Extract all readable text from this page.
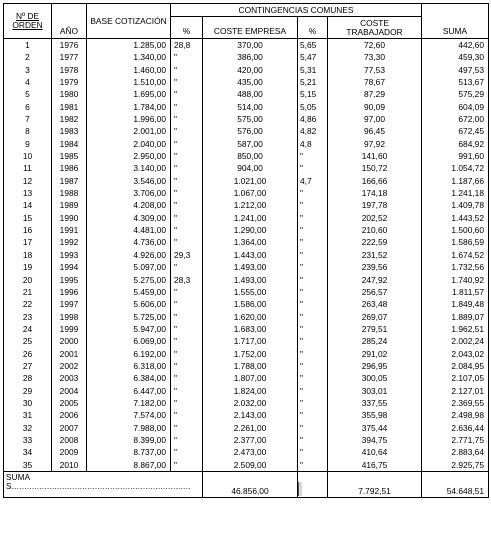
Nº DE ORDEN	AÑO	BASE COTIZACIÓN	CONTINGENCIAS COMUNES				SUMA
			%	COSTE EMPRESA	%	COSTE TRABAJADOR	
1	1976	1.285,00	28,8	370,00	5,65	72,60	442,60
2	1977	1.340,00	"	386,00	5,47	73,30	459,30
3	1978	1.460,00	"	420,00	5,31	77,53	497,53
4	1979	1.510,00	"	435,00	5,21	78,67	513,67
5	1980	1.695,00	"	488,00	5,15	87,29	575,29
6	1981	1.784,00	"	514,00	5,05	90,09	604,09
7	1982	1.996,00	"	575,00	4,86	97,00	672,00
8	1983	2.001,00	"	576,00	4,82	96,45	672,45
9	1984	2.040,00	"	587,00	4,8	97,92	684,92
10	1985	2.950,00	"	850,00	"	141,60	991,60
11	1986	3.140,00	"	904,00	"	150,72	1.054,72
12	1987	3.546,00	"	1.021,00	4,7	166,66	1.187,66
13	1988	3.706,00	"	1.067,00	"	174,18	1.241,18
14	1989	4.208,00	"	1.212,00	"	197,78	1.409,78
15	1990	4.309,00	"	1.241,00	"	202,52	1.443,52
16	1991	4.481,00	"	1.290,00	"	210,60	1.500,60
17	1992	4.736,00	"	1.364,00	"	222,59	1.586,59
18	1993	4.926,00	29,3	1.443,00	"	231,52	1.674,52
19	1994	5.097,00	"	1.493,00	"	239,56	1.732,56
20	1995	5.275,00	28,3	1.493,00	"	247,92	1.740,92
21	1996	5.459,00	"	1.555,00	"	256,57	1.811,57
22	1997	5.606,00	"	1.586,00	"	263,48	1.849,48
23	1998	5.725,00	"	1.620,00	"	269,07	1.889,07
24	1999	5.947,00	"	1.683,00	"	279,51	1.962,51
25	2000	6.069,00	"	1.717,00	"	285,24	2.002,24
26	2001	6.192,00	"	1.752,00	"	291,02	2.043,02
27	2002	6.318,00	"	1.788,00	"	296,95	2.084,95
28	2003	6.384,00	"	1.807,00	"	300,05	2.107,05
29	2004	6.447,00	"	1.824,00	"	303,01	2.127,01
30	2005	7.182,00	"	2.032,00	"	337,55	2.369,55
31	2006	7.574,00	"	2.143,00	"	355,98	2.498,98
32	2007	7.988,00	"	2.261,00	"	375,44	2.636,44
33	2008	8.399,00	"	2.377,00	"	394,75	2.771,75
34	2009	8.737,00	"	2.473,00	"	410,64	2.883,64
35	2010	8.867,00	"	2.509,00	"	416,75	2.925,75
SUMAS.......................................................................				46.856,00		7.792,51	54.648,51
